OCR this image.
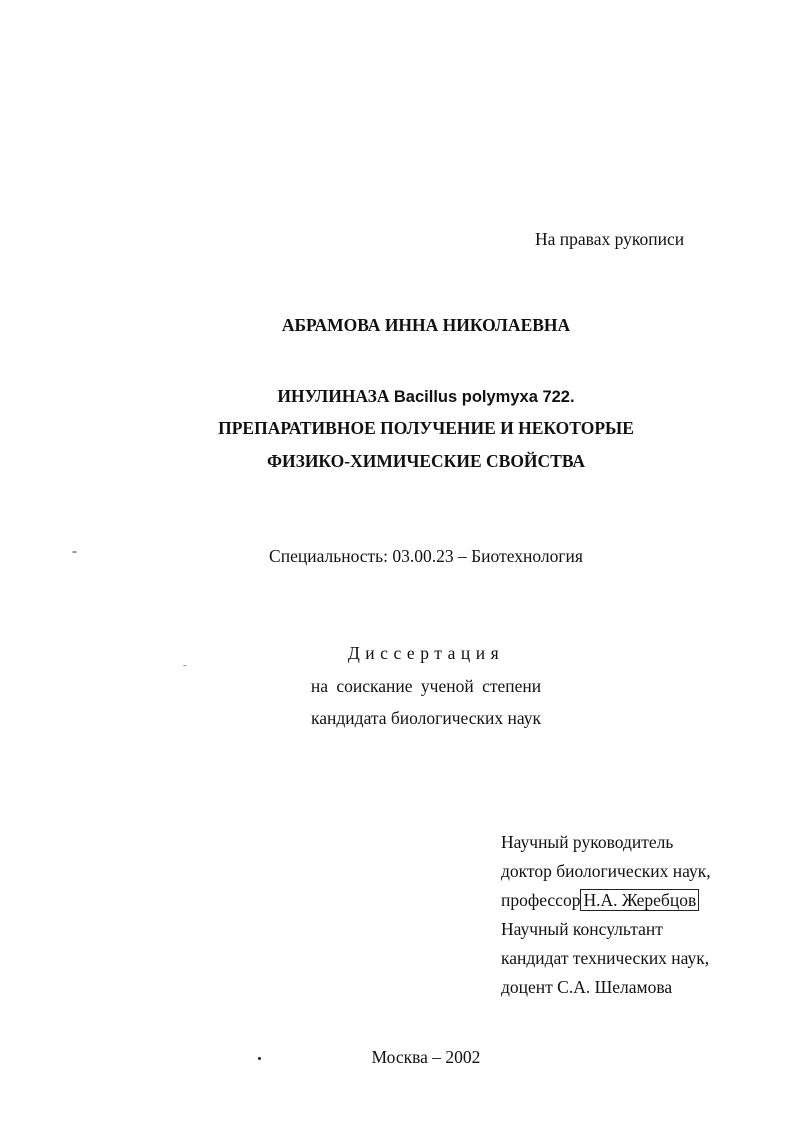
На правах рукописи
АБРАМОВА ИННА НИКОЛАЕВНА
ИНУЛИНАЗА Bacillus polymyxa 722.
ПРЕПАРАТИВНОЕ ПОЛУЧЕНИЕ И НЕКОТОРЫЕ
ФИЗИКО-ХИМИЧЕСКИЕ СВОЙСТВА
Специальность: 03.00.23 – Биотехнология
Диссертация
на соискание ученой степени
кандидата биологических наук
Научный руководитель
доктор биологических наук,
профессор Н.А. Жеребцов
Научный консультант
кандидат технических наук,
доцент С.А. Шеламова
Москва – 2002
